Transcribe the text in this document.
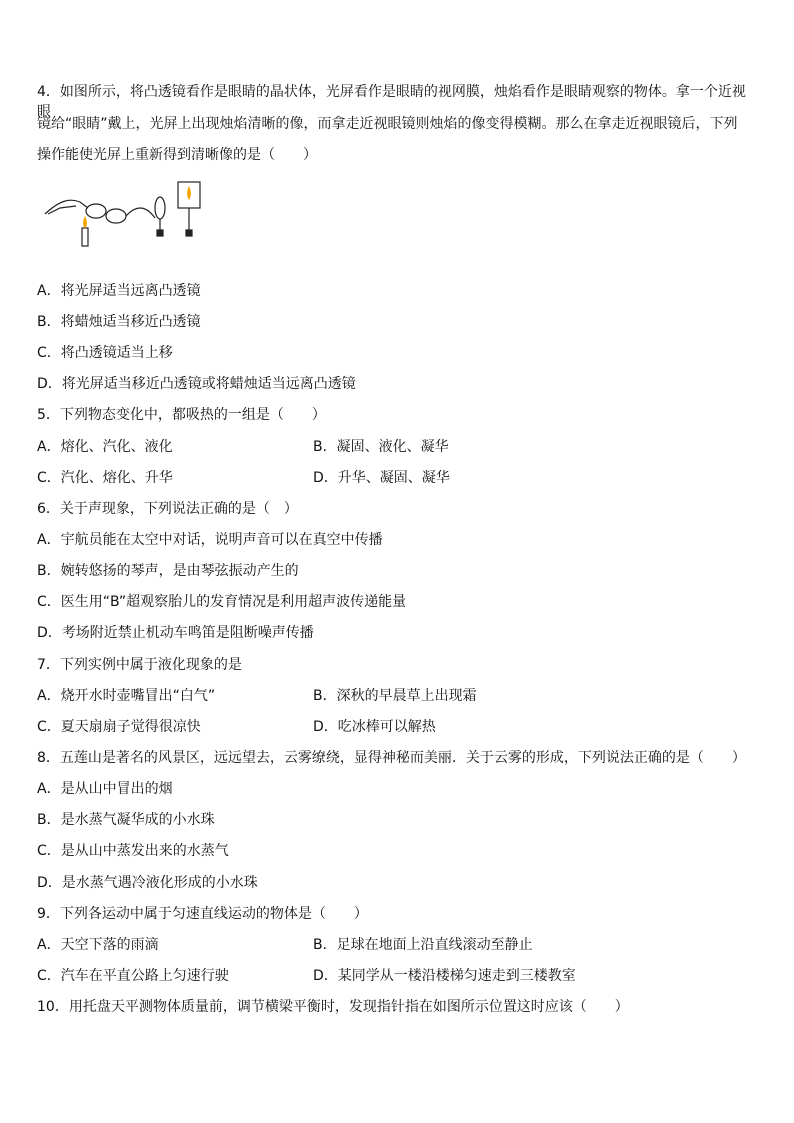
4．如图所示，将凸透镜看作是眼睛的晶状体，光屏看作是眼睛的视网膜，烛焰看作是眼睛观察的物体。拿一个近视眼
镜给“眼睛”戴上，光屏上出现烛焰清晰的像，而拿走近视眼镜则烛焰的像变得模糊。那么在拿走近视眼镜后，下列
操作能使光屏上重新得到清晰像的是（　　）
A．将光屏适当远离凸透镜
B．将蜡烛适当移近凸透镜
C．将凸透镜适当上移
D．将光屏适当移近凸透镜或将蜡烛适当远离凸透镜
5．下列物态变化中，都吸热的一组是（　　）
A．熔化、汽化、液化	B．凝固、液化、凝华
C．汽化、熔化、升华	D．升华、凝固、凝华
6．关于声现象，下列说法正确的是（　）
A．宇航员能在太空中对话，说明声音可以在真空中传播
B．婉转悠扬的琴声，是由琴弦振动产生的
C．医生用“B”超观察胎儿的发育情况是利用超声波传递能量
D．考场附近禁止机动车鸣笛是阻断噪声传播
7．下列实例中属于液化现象的是
A．烧开水时壶嘴冒出“白气”	B．深秋的早晨草上出现霜
C．夏天扇扇子觉得很凉快	D．吃冰棒可以解热
8．五莲山是著名的风景区，远远望去，云雾缭绕，显得神秘而美丽．关于云雾的形成，下列说法正确的是（　　）
A．是从山中冒出的烟
B．是水蒸气凝华成的小水珠
C．是从山中蒸发出来的水蒸气
D．是水蒸气遇冷液化形成的小水珠
9．下列各运动中属于匀速直线运动的物体是（　　）
A．天空下落的雨滴	B．足球在地面上沿直线滚动至静止
C．汽车在平直公路上匀速行驶	D．某同学从一楼沿楼梯匀速走到三楼教室
10．用托盘天平测物体质量前，调节横梁平衡时，发现指针指在如图所示位置这时应该（　　）
